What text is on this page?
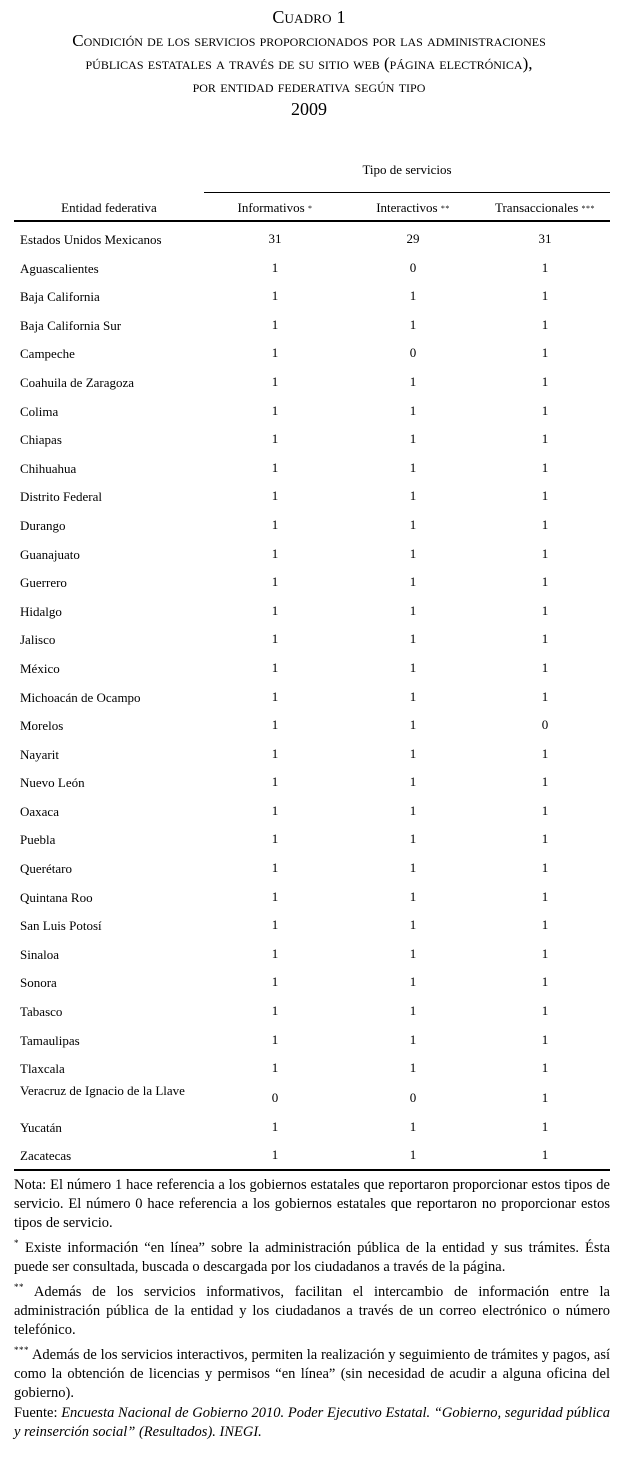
Cuadro 1
Condición de los servicios proporcionados por las administraciones
públicas estatales a través de su sitio web (página electrónica),
por entidad federativa según tipo
2009
Tipo de servicios
Entidad federativa	Informativos *	Interactivos **	Transaccionales ***
Estados Unidos Mexicanos	31	29	31
Aguascalientes	1	0	1
Baja California	1	1	1
Baja California Sur	1	1	1
Campeche	1	0	1
Coahuila de Zaragoza	1	1	1
Colima	1	1	1
Chiapas	1	1	1
Chihuahua	1	1	1
Distrito Federal	1	1	1
Durango	1	1	1
Guanajuato	1	1	1
Guerrero	1	1	1
Hidalgo	1	1	1
Jalisco	1	1	1
México	1	1	1
Michoacán de Ocampo	1	1	1
Morelos	1	1	0
Nayarit	1	1	1
Nuevo León	1	1	1
Oaxaca	1	1	1
Puebla	1	1	1
Querétaro	1	1	1
Quintana Roo	1	1	1
San Luis Potosí	1	1	1
Sinaloa	1	1	1
Sonora	1	1	1
Tabasco	1	1	1
Tamaulipas	1	1	1
Tlaxcala	1	1	1
Veracruz de Ignacio de la Llave	0	0	1
Yucatán	1	1	1
Zacatecas	1	1	1

Nota: El número 1 hace referencia a los gobiernos estatales que reportaron proporcionar estos tipos de servicio. El número 0 hace referencia a los gobiernos estatales que reportaron no proporcionar estos tipos de servicio.

* Existe información “en línea” sobre la administración pública de la entidad y sus trámites. Ésta puede ser consultada, buscada o descargada por los ciudadanos a través de la página.

** Además de los servicios informativos, facilitan el intercambio de información entre la administración pública de la entidad y los ciudadanos a través de un correo electrónico o número telefónico.

*** Además de los servicios interactivos, permiten la realización y seguimiento de trámites y pagos, así como la obtención de licencias y permisos “en línea” (sin necesidad de acudir a alguna oficina del gobierno).

Fuente: Encuesta Nacional de Gobierno 2010. Poder Ejecutivo Estatal. “Gobierno, seguridad pública y reinserción social” (Resultados). INEGI.
